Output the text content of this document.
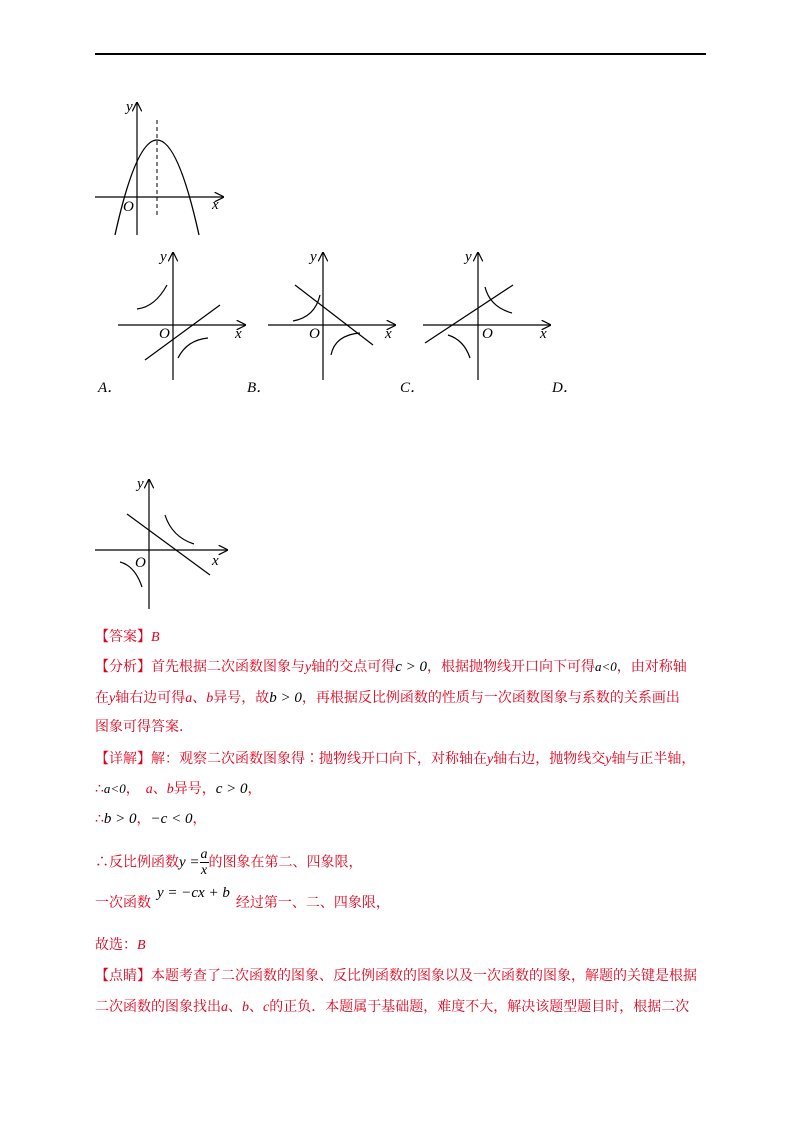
y
x
O
y
x
O
y
x
O
y
x
O
A．	B．	C．	D．
y
x
O
【答案】B
【分析】首先根据二次函数图象与y轴的交点可得c > 0，根据抛物线开口向下可得a<0，由对称轴
在y轴右边可得a、b异号，故b > 0，再根据反比例函数的性质与一次函数图象与系数的关系画出
图象可得答案.
【详解】解：观察二次函数图象得∶抛物线开口向下，对称轴在y轴右边，抛物线交y轴与正半轴，
∴a<0， a、b异号，c > 0，
∴b > 0，−c < 0，
∴反比例函数$y = \frac{a}{x}$ 的图象在第二、四象限，
一次函数y = −cx + b经过第一、二、四象限，
故选：B
【点睛】本题考查了二次函数的图象、反比例函数的图象以及一次函数的图象，解题的关键是根据
二次函数的图象找出a、b、c的正负．本题属于基础题，难度不大，解决该题型题目时，根据二次
